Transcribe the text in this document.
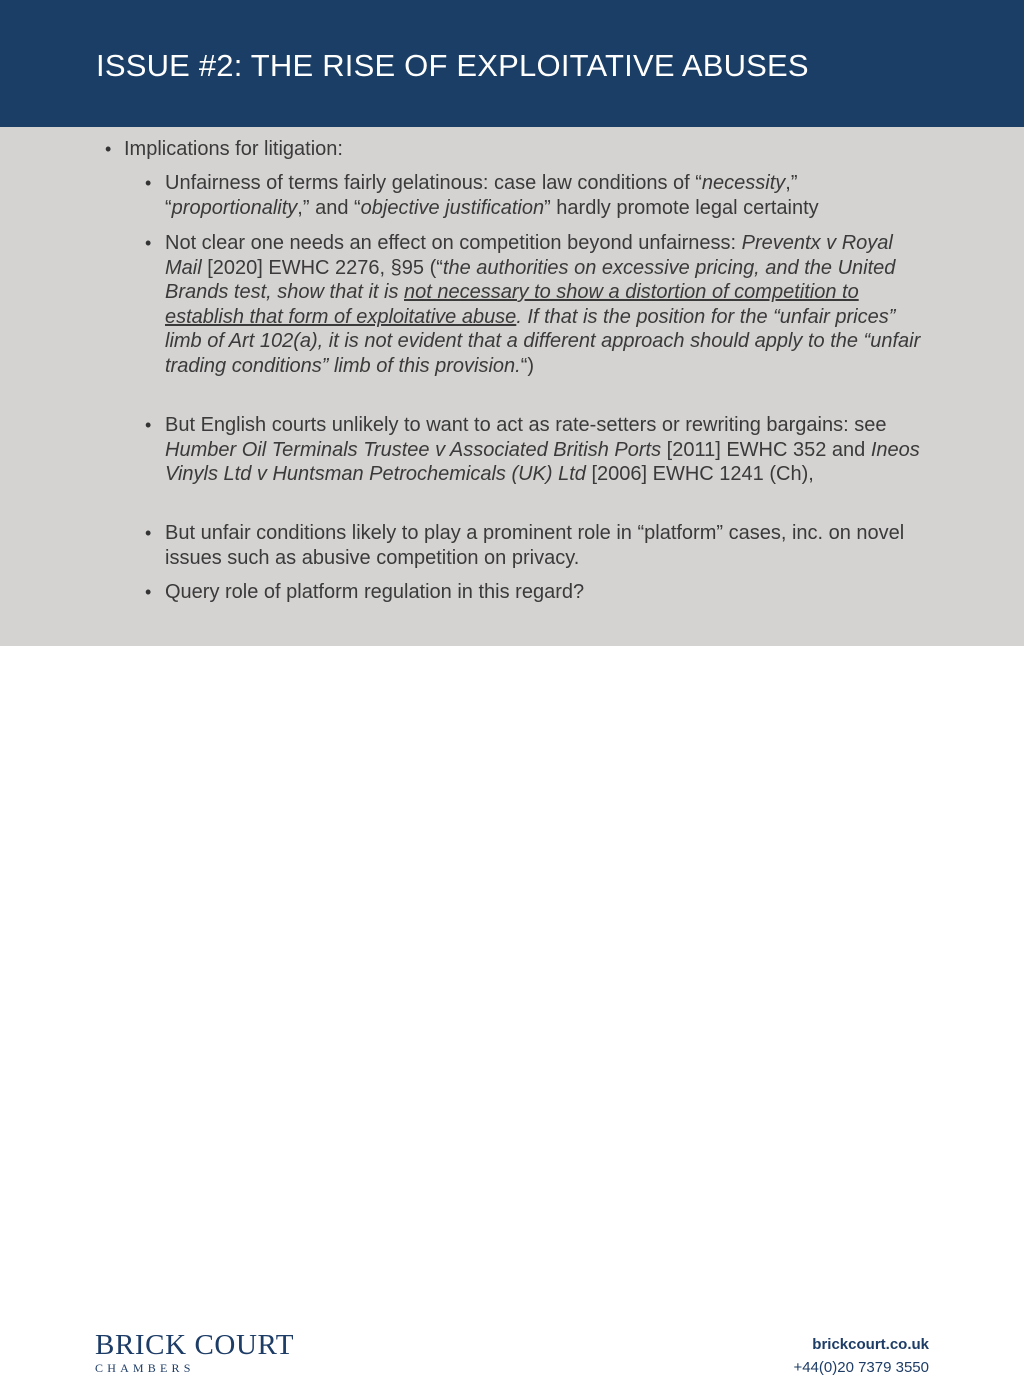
ISSUE #2: THE RISE OF EXPLOITATIVE ABUSES
• Implications for litigation:
• Unfairness of terms fairly gelatinous: case law conditions of “necessity,” “proportionality,” and “objective justification” hardly promote legal certainty
• Not clear one needs an effect on competition beyond unfairness: Preventx v Royal Mail [2020] EWHC 2276, §95 (“the authorities on excessive pricing, and the United Brands test, show that it is not necessary to show a distortion of competition to establish that form of exploitative abuse. If that is the position for the “unfair prices” limb of Art 102(a), it is not evident that a different approach should apply to the “unfair trading conditions” limb of this provision.“)
• But English courts unlikely to want to act as rate-setters or rewriting bargains: see Humber Oil Terminals Trustee v Associated British Ports [2011] EWHC 352 and Ineos Vinyls Ltd v Huntsman Petrochemicals (UK) Ltd [2006] EWHC 1241 (Ch),
• But unfair conditions likely to play a prominent role in “platform” cases, inc. on novel issues such as abusive competition on privacy.
• Query role of platform regulation in this regard?
BRICK COURT
CHAMBERS
brickcourt.co.uk
+44(0)20 7379 3550
